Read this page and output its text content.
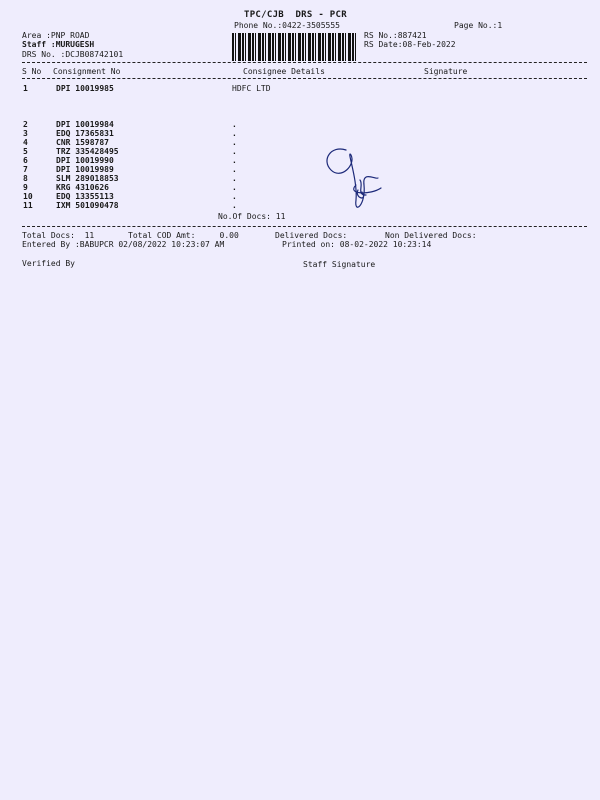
TPC/CJB  DRS - PCR
Phone No.:0422-3505555	Page No.:1
Area :PNP ROAD
Staff :MURUGESH
DRS No. :DCJB08742101
RS No.:887421
RS Date:08-Feb-2022
S No Consignment No	Consignee Details	Signature
1	DPI 10019985	HDFC LTD
2	DPI 10019984	.
3	EDQ 17365831	.
4	CNR 1598787	.
5	TRZ 335428495	.
6	DPI 10019990	.
7	DPI 10019989	.
8	SLM 289018853	.
9	KRG 4310626	.
10	EDQ 13355113	.
11	IXM 501090478	.
No.Of Docs: 11
Total Docs:  11	Total COD Amt:     0.00	Delivered Docs:	Non Delivered Docs:
Entered By :BABUPCR 02/08/2022 10:23:07 AM	Printed on: 08-02-2022 10:23:14
Verified By	Staff Signature
